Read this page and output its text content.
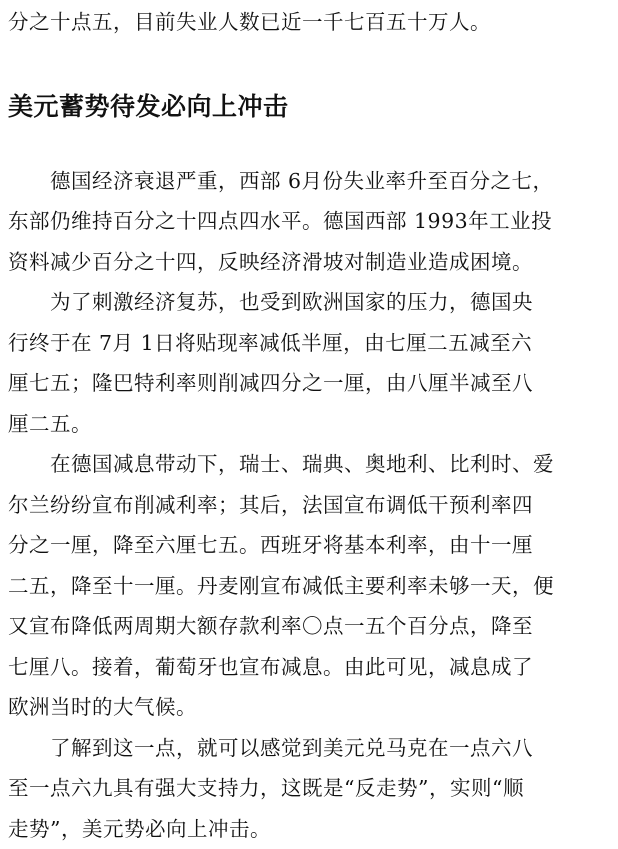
分之十点五，目前失业人数已近一千七百五十万人。

美元蓄势待发必向上冲击

德国经济衰退严重，西部 6月份失业率升至百分之七，

东部仍维持百分之十四点四水平。德国西部 1993年工业投

资料减少百分之十四，反映经济滑坡对制造业造成困境。

为了刺激经济复苏，也受到欧洲国家的压力，德国央

行终于在 7月 1日将贴现率减低半厘，由七厘二五减至六

厘七五；隆巴特利率则削减四分之一厘，由八厘半减至八

厘二五。

在德国减息带动下，瑞士、瑞典、奥地利、比利时、爱

尔兰纷纷宣布削减利率；其后，法国宣布调低干预利率四

分之一厘，降至六厘七五。西班牙将基本利率，由十一厘

二五，降至十一厘。丹麦刚宣布减低主要利率未够一天，便

又宣布降低两周期大额存款利率〇点一五个百分点，降至

七厘八。接着，葡萄牙也宣布减息。由此可见，减息成了

欧洲当时的大气候。

了解到这一点，就可以感觉到美元兑马克在一点六八

至一点六九具有强大支持力，这既是“反走势”，实则“顺

走势”，美元势必向上冲击。
